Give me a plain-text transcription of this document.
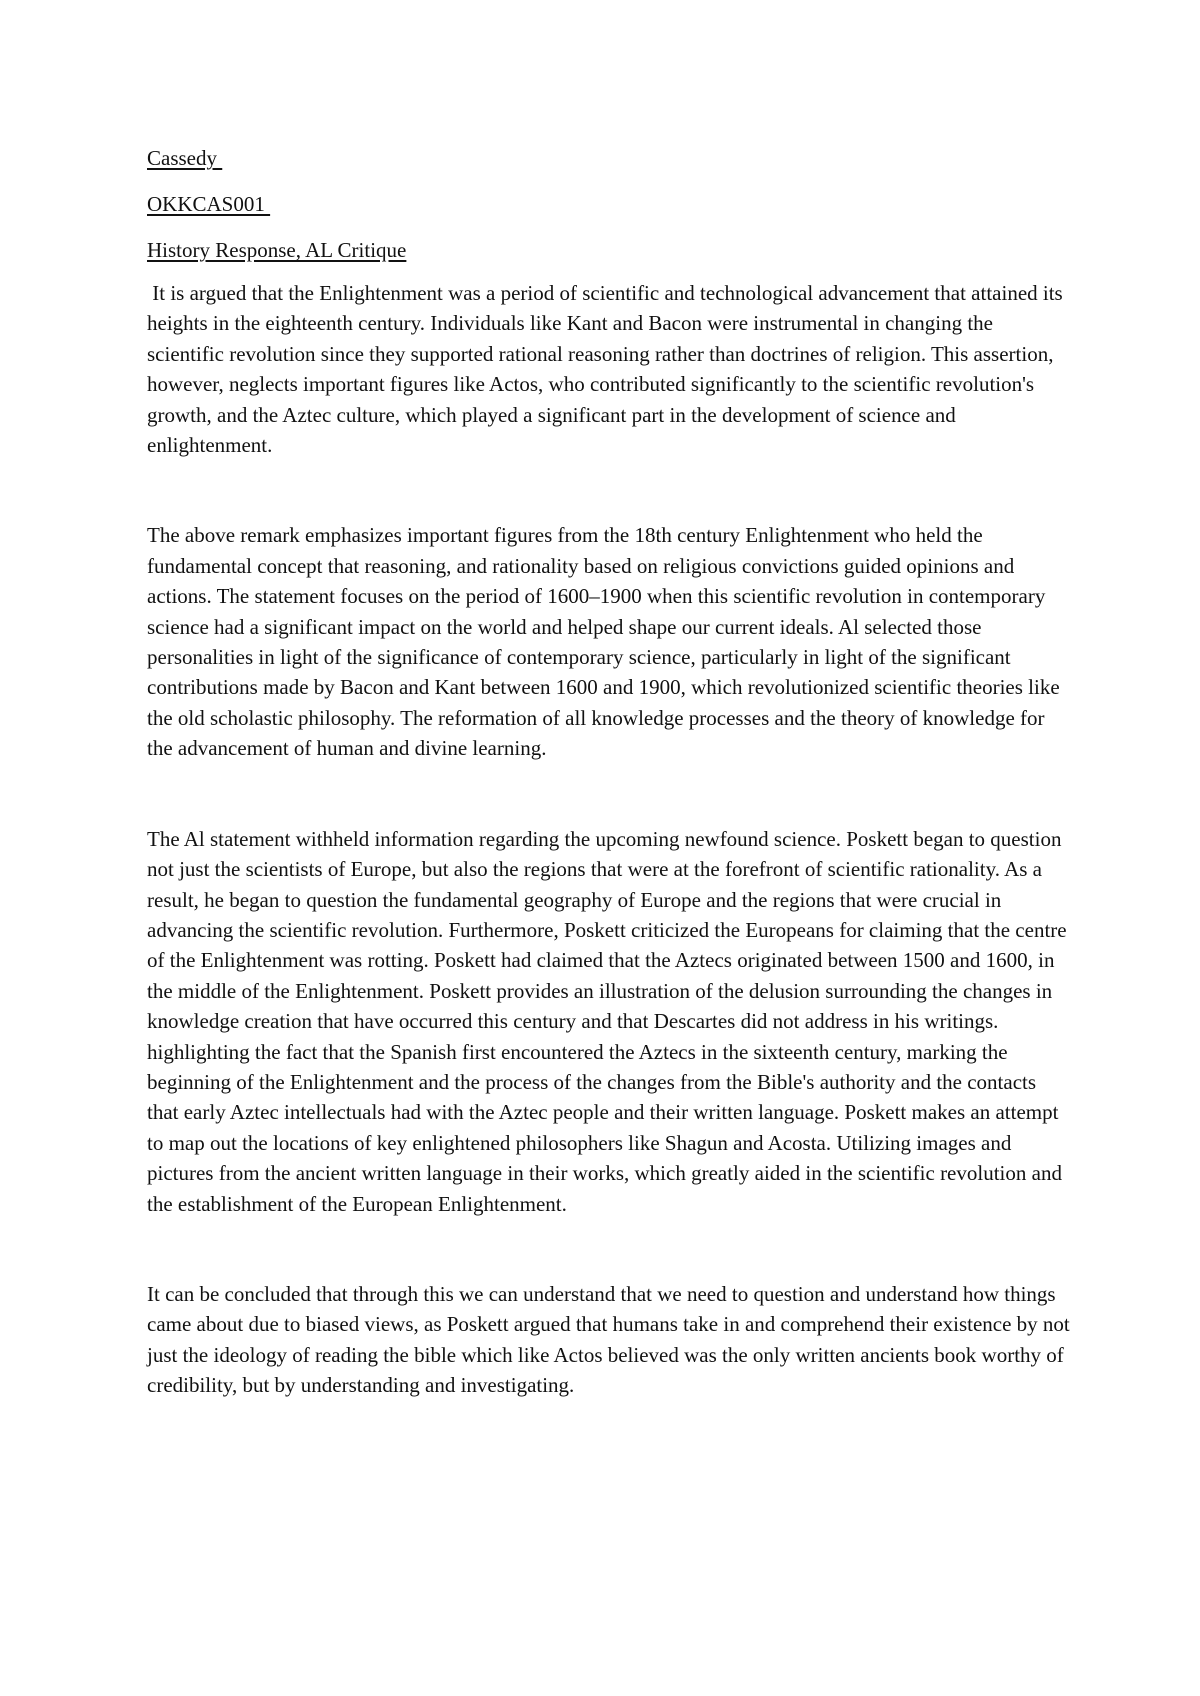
Cassedy
OKKCAS001
History Response, AL Critique

It is argued that the Enlightenment was a period of scientific and technological advancement that attained its heights in the eighteenth century. Individuals like Kant and Bacon were instrumental in changing the scientific revolution since they supported rational reasoning rather than doctrines of religion. This assertion, however, neglects important figures like Actos, who contributed significantly to the scientific revolution's growth, and the Aztec culture, which played a significant part in the development of science and enlightenment.

The above remark emphasizes important figures from the 18th century Enlightenment who held the fundamental concept that reasoning, and rationality based on religious convictions guided opinions and actions. The statement focuses on the period of 1600–1900 when this scientific revolution in contemporary science had a significant impact on the world and helped shape our current ideals. Al selected those personalities in light of the significance of contemporary science, particularly in light of the significant contributions made by Bacon and Kant between 1600 and 1900, which revolutionized scientific theories like the old scholastic philosophy. The reformation of all knowledge processes and the theory of knowledge for the advancement of human and divine learning.

The Al statement withheld information regarding the upcoming newfound science. Poskett began to question not just the scientists of Europe, but also the regions that were at the forefront of scientific rationality. As a result, he began to question the fundamental geography of Europe and the regions that were crucial in advancing the scientific revolution. Furthermore, Poskett criticized the Europeans for claiming that the centre of the Enlightenment was rotting. Poskett had claimed that the Aztecs originated between 1500 and 1600, in the middle of the Enlightenment. Poskett provides an illustration of the delusion surrounding the changes in knowledge creation that have occurred this century and that Descartes did not address in his writings. highlighting the fact that the Spanish first encountered the Aztecs in the sixteenth century, marking the beginning of the Enlightenment and the process of the changes from the Bible's authority and the contacts that early Aztec intellectuals had with the Aztec people and their written language. Poskett makes an attempt to map out the locations of key enlightened philosophers like Shagun and Acosta. Utilizing images and pictures from the ancient written language in their works, which greatly aided in the scientific revolution and the establishment of the European Enlightenment.

It can be concluded that through this we can understand that we need to question and understand how things came about due to biased views, as Poskett argued that humans take in and comprehend their existence by not just the ideology of reading the bible which like Actos believed was the only written ancients book worthy of credibility, but by understanding and investigating.
